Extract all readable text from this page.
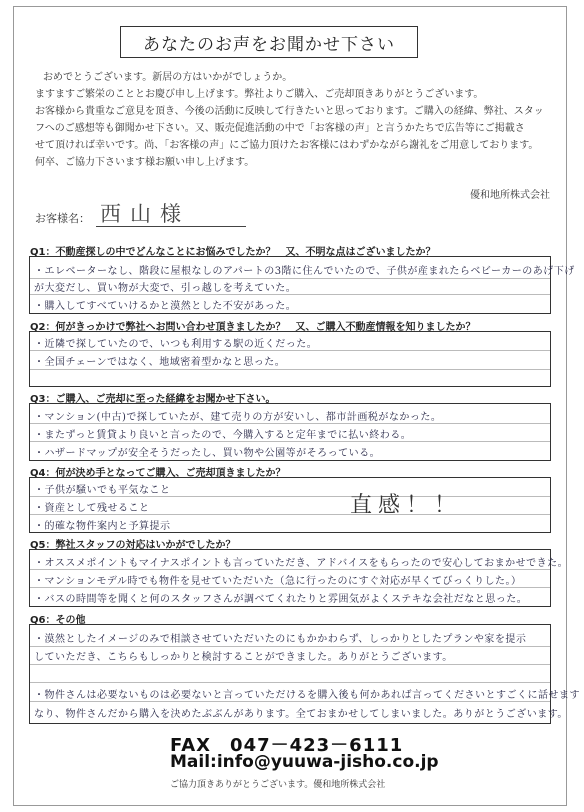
あなたのお声をお聞かせ下さい
おめでとうございます。新居の方はいかがでしょうか。
ますますご繁栄のこととお慶び申し上げます。弊社よりご購入、ご売却頂きありがとうございます。
お客様から貴重なご意見を頂き、今後の活動に反映して行きたいと思っております。ご購入の経緯、弊社、スタッ
フへのご感想等も御聞かせ下さい。又、販売促進活動の中で「お客様の声」と言うかたちで広告等にご掲載さ
せて頂ければ幸いです。尚、「お客様の声」にご協力頂けたお客様にはわずかながら謝礼をご用意しております。
何卒、ご協力下さいます様お願い申し上げます。
優和地所株式会社
お客様名： 西山様
Q1：不動産探しの中でどんなことにお悩みでしたか？　又、不明な点はございましたか？
・エレベーターなし、階段に屋根なしのアパートの3階に住んでいたので、子供が産まれたらベビーカーのあげ下げ
が大変だし、買い物が大変で、引っ越しを考えていた。
・購入してすべていけるかと漠然とした不安があった。
Q2：何がきっかけで弊社へお問い合わせ頂きましたか？　又、ご購入不動産情報を知りましたか？
・近隣で探していたので、いつも利用する駅の近くだった。
・全国チェーンではなく、地域密着型かなと思った。
Q3：ご購入、ご売却に至った経緯をお聞かせ下さい。
・マンション(中古)で探していたが、建て売りの方が安いし、都市計画税がなかった。
・またずっと賃貸より良いと言ったので、今購入すると定年までに払い終わる。
・ハザードマップが安全そうだったし、買い物や公園等がそろっている。
Q4：何が決め手となってご購入、ご売却頂きましたか？
・子供が騒いでも平気なこと
・資産として残せること
・的確な物件案内と予算提示
直感！！
Q5：弊社スタッフの対応はいかがでしたか？
・オススメポイントもマイナスポイントも言っていただき、アドバイスをもらったので安心しておまかせできた。
・マンションモデル時でも物件を見せていただいた（急に行ったのにすぐ対応が早くてびっくりした。）
・バスの時間等を聞くと何のスタッフさんが調べてくれたりと雰囲気がよくステキな会社だなと思った。
Q6：その他
・漠然としたイメージのみで相談させていただいたのにもかかわらず、しっかりとしたプランや家を提示
していただき、こちらもしっかりと検討することができました。ありがとうございます。
・物件さんは必要ないものは必要ないと言っていただけるを購入後も何かあれば言ってくださいとすごくに話せます
なり、物件さんだから購入を決めたぶぶんがあります。全ておまかせしてしまいました。ありがとうございます。
FAX　047－423－6111
Mail:info@yuuwa-jisho.co.jp
ご協力頂きありがとうございます。優和地所株式会社
